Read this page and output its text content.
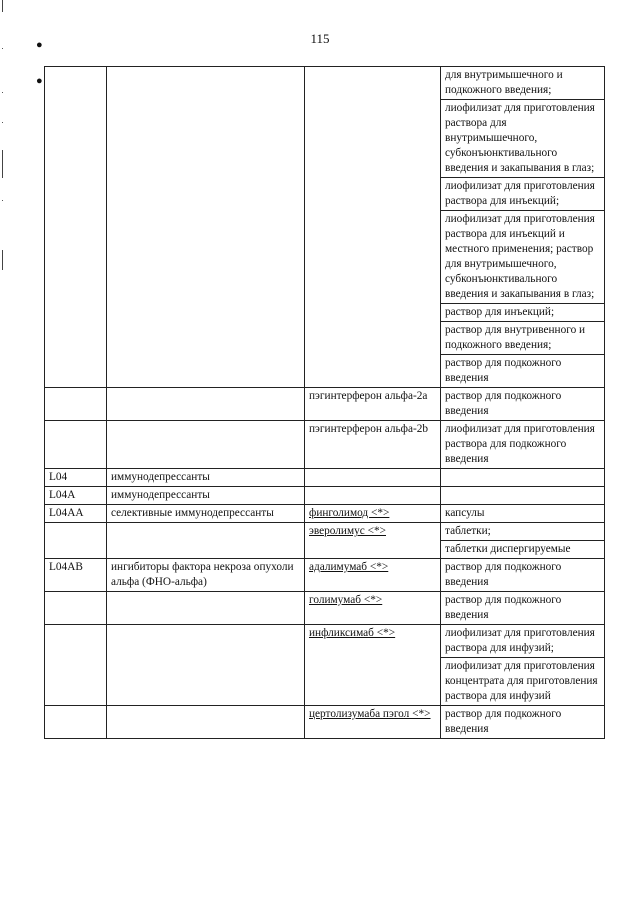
115
●
●
				для внутримышечного и подкожного введения;
			лиофилизат для приготовления раствора для внутримышечного, субконъюнктивального введения и закапывания в глаз;
			лиофилизат для приготовления раствора для инъекций;
			лиофилизат для приготовления раствора для инъекций и местного применения; раствор для внутримышечного, субконъюнктивального введения и закапывания в глаз;
			раствор для инъекций;
			раствор для внутривенного и подкожного введения;
			раствор для подкожного введения
		пэгинтерферон альфа-2a	раствор для подкожного введения
		пэгинтерферон альфа-2b	лиофилизат для приготовления раствора для подкожного введения
L04	иммунодепрессанты		
L04A	иммунодепрессанты		
L04AA	селективные иммунодепрессанты	финголимод <*>	капсулы
		эверолимус <*>	таблетки;
			таблетки диспергируемые
L04AB	ингибиторы фактора некроза опухоли альфа (ФНО-альфа)	адалимумаб <*>	раствор для подкожного введения
		голимумаб <*>	раствор для подкожного введения
		инфликсимаб <*>	лиофилизат для приготовления раствора для инфузий;
			лиофилизат для приготовления концентрата для приготовления раствора для инфузий
		цертолизумаба пэгол <*>	раствор для подкожного введения
